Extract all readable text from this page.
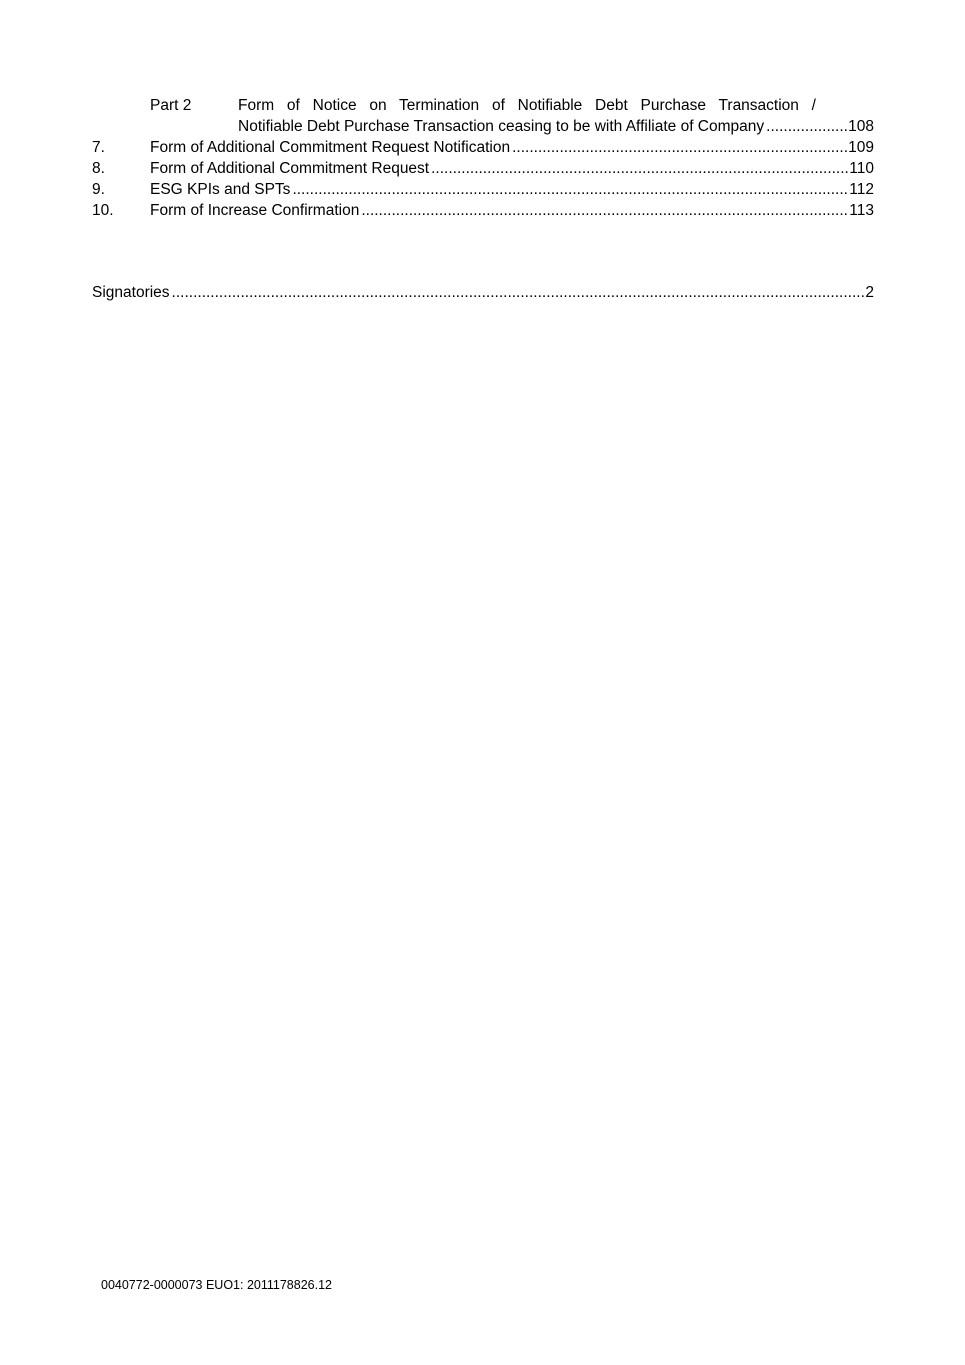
Part 2	Form of Notice on Termination of Notifiable Debt Purchase Transaction /
Notifiable Debt Purchase Transaction ceasing to be with Affiliate of Company .....	108
7.	Form of Additional Commitment Request Notification .....	109
8.	Form of Additional Commitment Request .....	110
9.	ESG KPIs and SPTs .....	112
10. Form of Increase Confirmation .....	113
Signatories .....	2
0040772-0000073 EUO1: 2011178826.12
